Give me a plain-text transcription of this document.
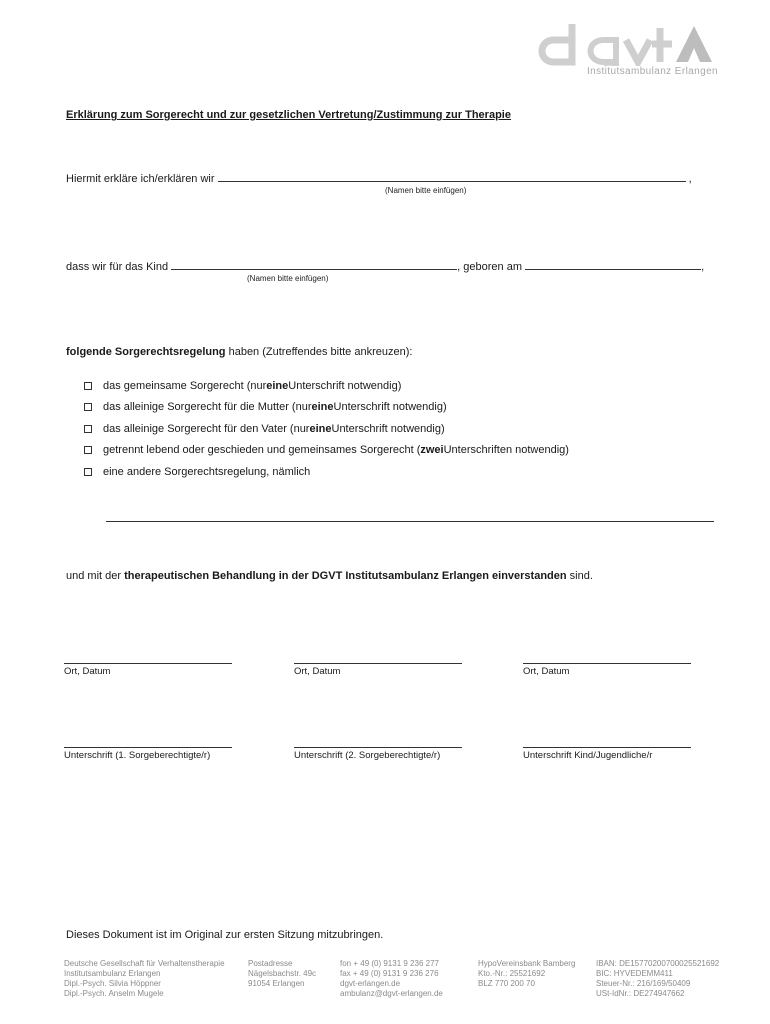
Institutsambulanz Erlangen
Erklärung zum Sorgerecht und zur gesetzlichen Vertretung/Zustimmung zur Therapie
Hiermit erkläre ich/erklären wir	,
(Namen bitte einfügen)
dass wir für das Kind	, geboren am	,
(Namen bitte einfügen)
folgende Sorgerechtsregelung haben (Zutreffendes bitte ankreuzen):
das gemeinsame Sorgerecht (nur eine Unterschrift notwendig)
das alleinige Sorgerecht für die Mutter (nur eine Unterschrift notwendig)
das alleinige Sorgerecht für den Vater (nur eine Unterschrift notwendig)
getrennt lebend oder geschieden und gemeinsames Sorgerecht ( zwei Unterschriften notwendig)
eine andere Sorgerechtsregelung, nämlich
und mit der therapeutischen Behandlung in der DGVT Institutsambulanz Erlangen einverstanden sind.
Ort, Datum	Ort, Datum	Ort, Datum
Unterschrift (1. Sorgeberechtigte/r)	Unterschrift (2. Sorgeberechtigte/r)	Unterschrift Kind/Jugendliche/r
Dieses Dokument ist im Original zur ersten Sitzung mitzubringen.
Deutsche Gesellschaft für Verhaltenstherapie
Institutsambulanz Erlangen
Dipl.-Psych. Silvia Höppner
Dipl.-Psych. Anselm Mugele
Postadresse
Nägelsbachstr. 49c
91054 Erlangen
fon + 49 (0) 9131 9 236 277
fax + 49 (0) 9131 9 236 276
dgvt-erlangen.de
ambulanz@dgvt-erlangen.de
HypoVereinsbank Bamberg
Kto.-Nr.: 25521692
BLZ 770 200 70
IBAN: DE15770200700025521692
BIC: HYVEDEMM411
Steuer-Nr.: 216/169/50409
USt-IdNr.: DE274947662
